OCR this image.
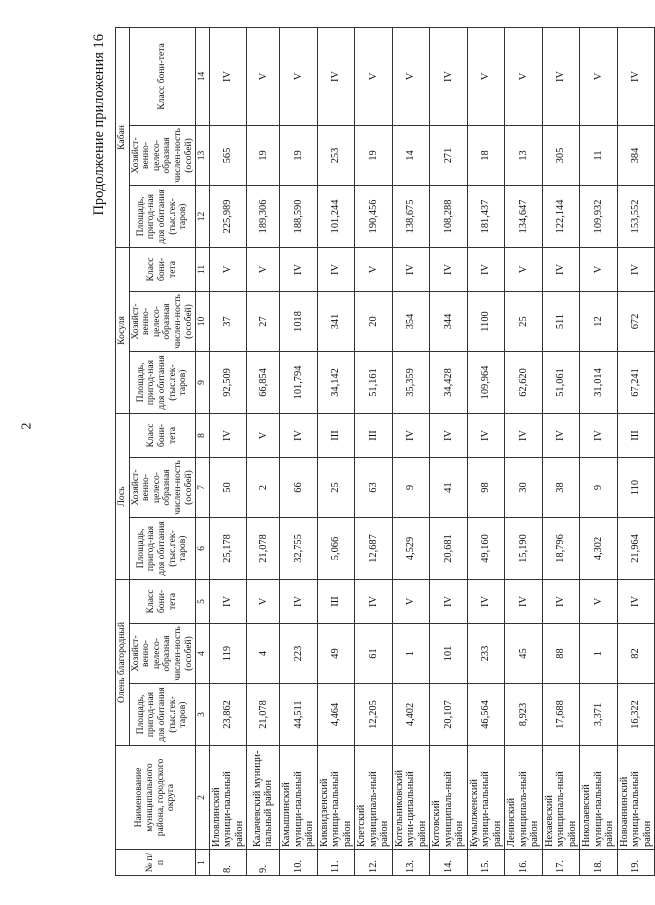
2
Продолжение приложения 16
№ п/п	Наименование муниципального района, городского округа	Олень благородный			Лось			Косуля			Кабан		
		Площадь, пригод-ная для обитания (тыс.гек-таров)	Хозяйст-венно-целесо-образная числен-ность (особей)	Класс бони-тета	Площадь, пригод-ная для обитания (тыс.гек-таров)	Хозяйст-венно-целесо-образная числен-ность (особей)	Класс бони-тета	Площадь, пригод-ная для обитания (тыс.гек-таров)	Хозяйст-венно-целесо-образная числен-ность (особей)	Класс бони-тета	Площадь, пригод-ная для обитания (тыс.гек-таров)	Хозяйст-венно-целесо-образная числен-ность (особей)	Класс бони-тета
1	2	3	4	5	6	7	8	9	10	11	12	13	14
8.	Иловлинский муници-пальный район	23,862	119	IV	25,178	50	IV	92,509	37	V	225,989	565	IV
9.	Калачевский муници-пальный район	21,078	4	V	21,078	2	V	66,854	27	V	189,306	19	V
10.	Камышинский муници-пальный район	44,511	223	IV	32,755	66	IV	101,794	1018	IV	188,590	19	V
11.	Киквидзенский муници-пальный район	4,464	49	III	5,066	25	III	34,142	341	IV	101,244	253	IV
12.	Клетский муниципаль-ный район	12,205	61	IV	12,687	63	III	51,161	20	V	190,456	19	V
13.	Котельниковский муни-ципальный район	4,402	1	V	4,529	9	IV	35,359	354	IV	138,675	14	V
14.	Котовский муниципаль-ный район	20,107	101	IV	20,681	41	IV	34,428	344	IV	108,288	271	IV
15.	Кумылженский муници-пальный район	46,564	233	IV	49,160	98	IV	109,964	1100	IV	181,437	18	V
16.	Ленинский муниципаль-ный район	8,923	45	IV	15,190	30	IV	62,620	25	V	134,647	13	V
17.	Нехаевский муниципаль-ный район	17,688	88	IV	18,796	38	IV	51,061	511	IV	122,144	305	IV
18.	Николаевский муници-пальный район	3,371	1	V	4,302	9	IV	31,014	12	V	109,932	11	V
19.	Новоаннинский муници-пальный район	16,322	82	IV	21,964	110	III	67,241	672	IV	153,552	384	IV
